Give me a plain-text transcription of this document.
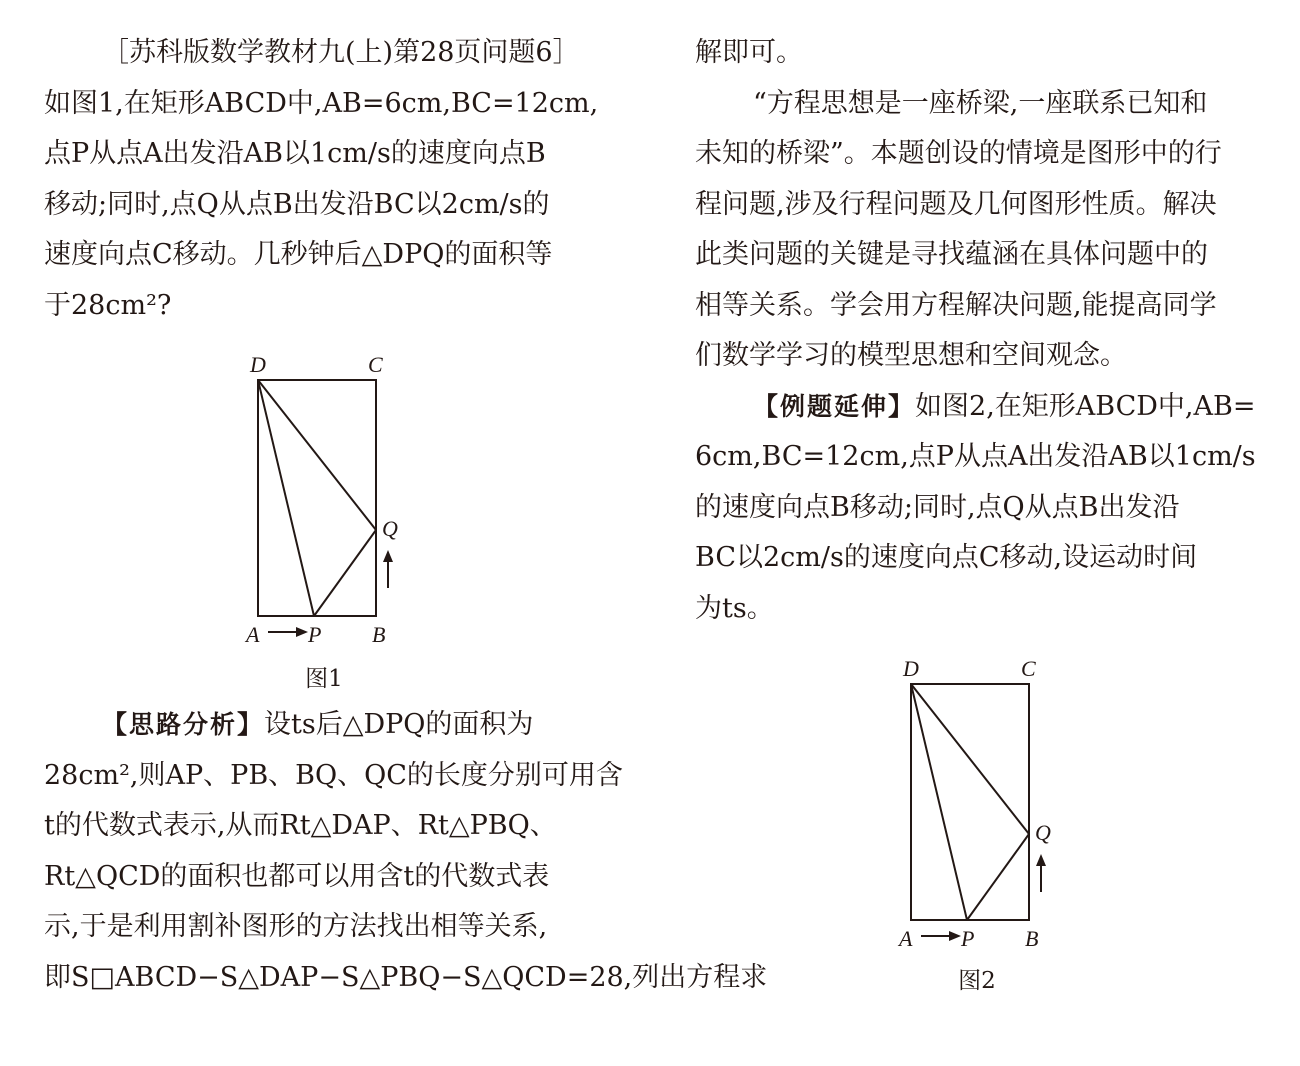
［苏科版数学教材九(上)第28页问题6］
如图1,在矩形ABCD中,AB=6cm,BC=12cm,
点P从点A出发沿AB以1cm/s的速度向点B
移动;同时,点Q从点B出发沿BC以2cm/s的
速度向点C移动。几秒钟后△DPQ的面积等
于28cm²?
D	C
Q
A P B
图1
【思路分析】设ts后△DPQ的面积为
28cm²,则AP、PB、BQ、QC的长度分别可用含
t的代数式表示,从而Rt△DAP、Rt△PBQ、
Rt△QCD的面积也都可以用含t的代数式表
示,于是利用割补图形的方法找出相等关系,
即S□ABCD−S△DAP−S△PBQ−S△QCD=28,列出方程求
解即可。
“方程思想是一座桥梁,一座联系已知和
未知的桥梁”。本题创设的情境是图形中的行
程问题,涉及行程问题及几何图形性质。解决
此类问题的关键是寻找蕴涵在具体问题中的
相等关系。学会用方程解决问题,能提高同学
们数学学习的模型思想和空间观念。
【例题延伸】如图2,在矩形ABCD中,AB=
6cm,BC=12cm,点P从点A出发沿AB以1cm/s
的速度向点B移动;同时,点Q从点B出发沿
BC以2cm/s的速度向点C移动,设运动时间
为ts。
D	C
Q
A P B
图2
